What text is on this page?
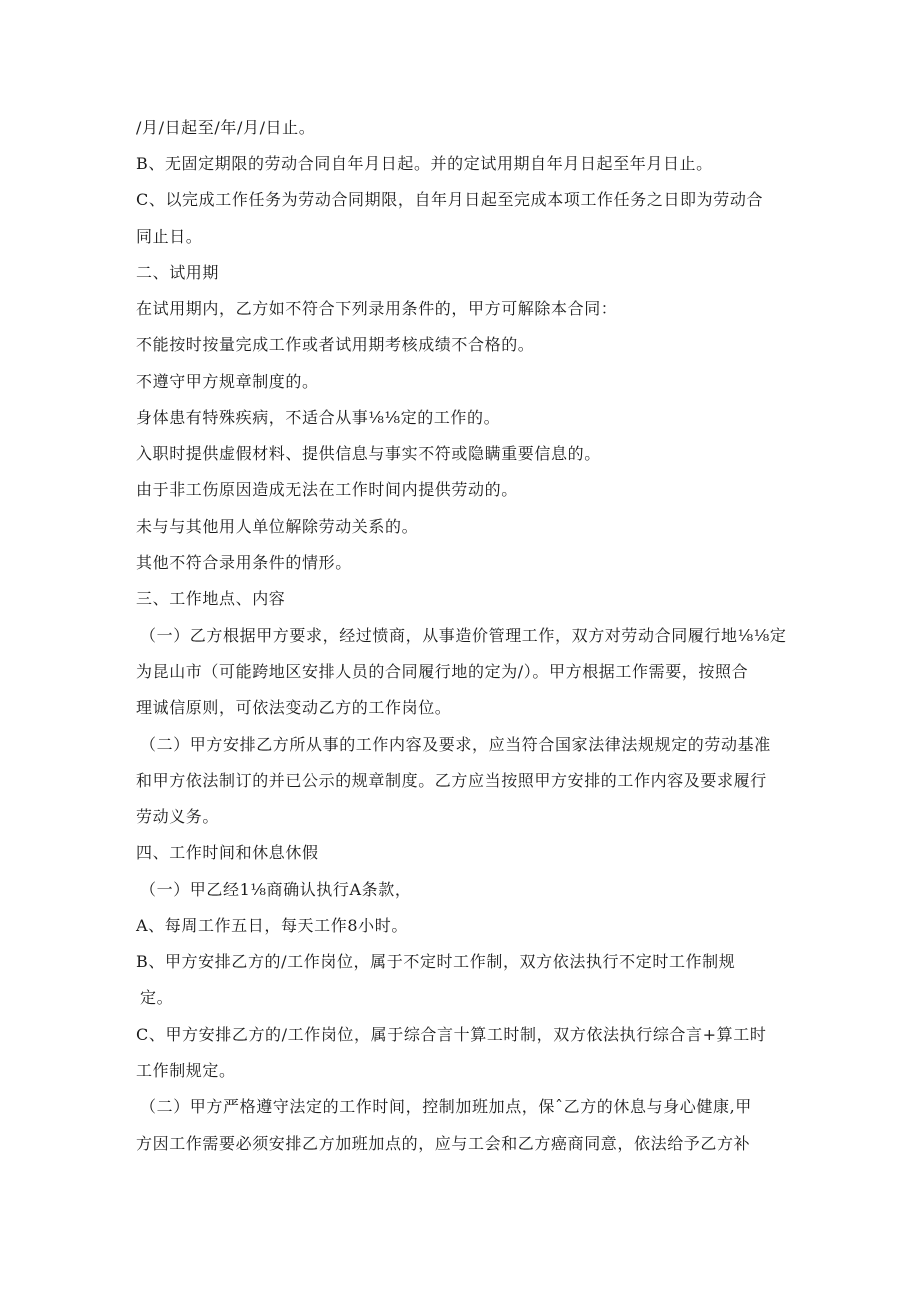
/月/日起至/年/月/日止。
B、无固定期限的劳动合同自年月日起。并的定试用期自年月日起至年月日止。
C、以完成工作任务为劳动合同期限，自年月日起至完成本项工作任务之日即为劳动合
同止日。
二、试用期
在试用期内，乙方如不符合下列录用条件的，甲方可解除本合同：
不能按时按量完成工作或者试用期考核成绩不合格的。
不遵守甲方规章制度的。
身体患有特殊疾病，不适合从事⅛⅛定的工作的。
入职时提供虚假材料、提供信息与事实不符或隐瞒重要信息的。
由于非工伤原因造成无法在工作时间内提供劳动的。
未与与其他用人单位解除劳动关系的。
其他不符合录用条件的情形。
三、工作地点、内容
（一）乙方根据甲方要求，经过愤商，从事造价管理工作，双方对劳动合同履行地⅛⅛定
为昆山市（可能跨地区安排人员的合同履行地的定为/）。甲方根据工作需要，按照合
理诚信原则，可依法变动乙方的工作岗位。
（二）甲方安排乙方所从事的工作内容及要求，应当符合国家法律法规规定的劳动基准
和甲方依法制订的并已公示的规章制度。乙方应当按照甲方安排的工作内容及要求履行
劳动义务。
四、工作时间和休息休假
（一）甲乙经1⅛商确认执行A条款，
A、每周工作五日，每天工作8小时。
B、甲方安排乙方的/工作岗位，属于不定时工作制，双方依法执行不定时工作制规
定。
C、甲方安排乙方的/工作岗位，属于综合言十算工时制，双方依法执行综合言+算工时
工作制规定。
（二）甲方严格遵守法定的工作时间，控制加班加点，保ˆ乙方的休息与身心健康,甲
方因工作需要必须安排乙方加班加点的，应与工会和乙方癌商同意，依法给予乙方补
